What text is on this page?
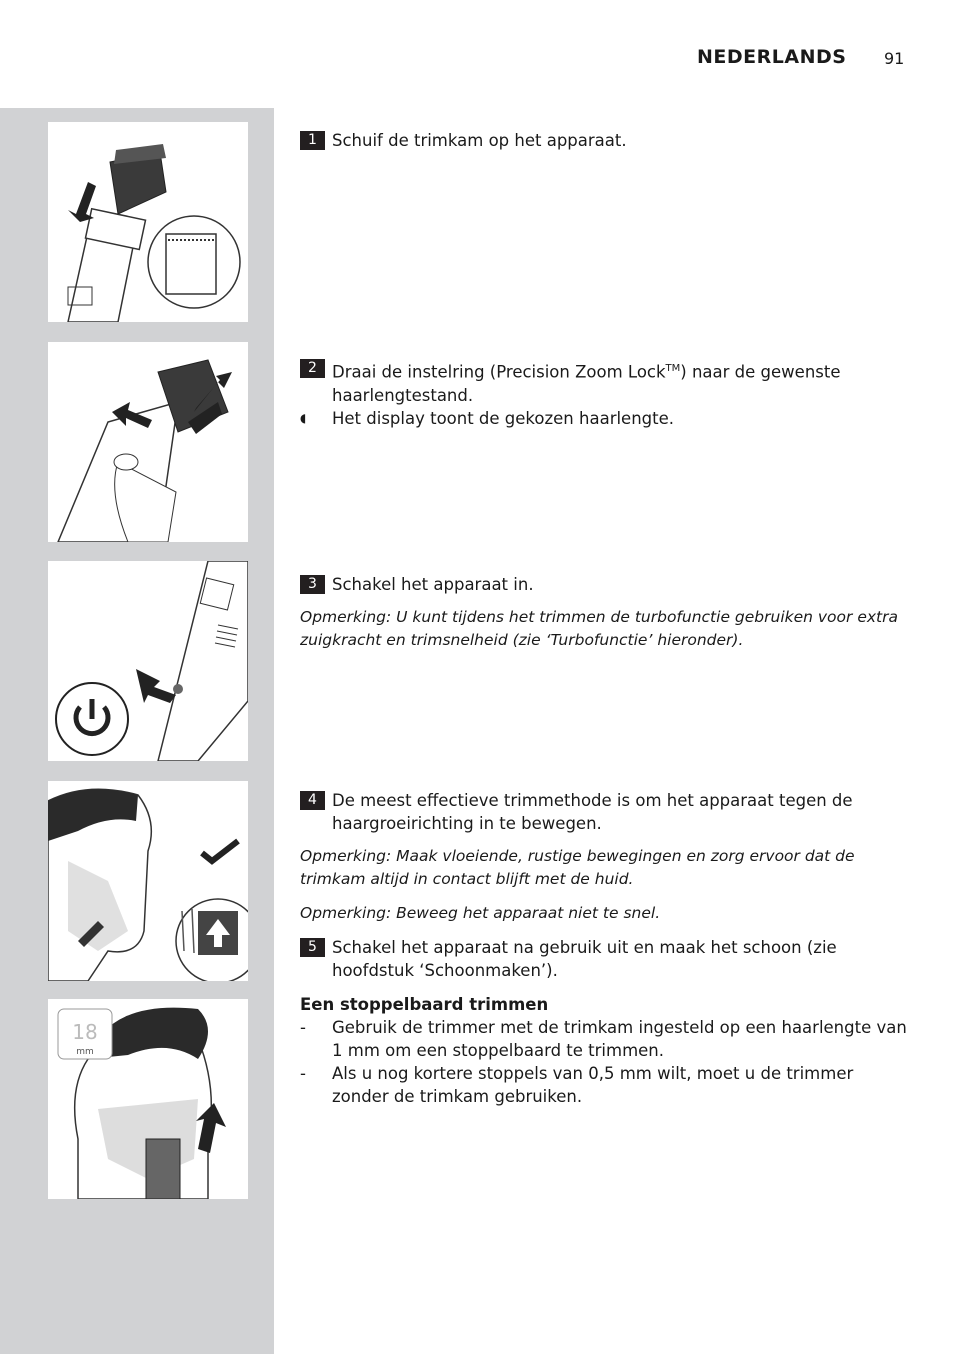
NEDERLANDS 91
1 Schuif de trimkam op het apparaat.
2 Draai de instelring (Precision Zoom Lock™) naar de gewenste haarlengtestand.
◖	Het display toont de gekozen haarlengte.
3 Schakel het apparaat in.
Opmerking: U kunt tijdens het trimmen de turbofunctie gebruiken voor extra zuigkracht en trimsnelheid (zie ‘Turbofunctie’ hieronder).
4 De meest effectieve trimmethode is om het apparaat tegen de haargroeirichting in te bewegen.
Opmerking: Maak vloeiende, rustige bewegingen en zorg ervoor dat de trimkam altijd in contact blijft met de huid.
Opmerking: Beweeg het apparaat niet te snel.
5 Schakel het apparaat na gebruik uit en maak het schoon (zie hoofdstuk ‘Schoonmaken’).
18
mm
Een stoppelbaard trimmen
-	Gebruik de trimmer met de trimkam ingesteld op een haarlengte van 1 mm om een stoppelbaard te trimmen.
-	Als u nog kortere stoppels van 0,5 mm wilt, moet u de trimmer zonder de trimkam gebruiken.
